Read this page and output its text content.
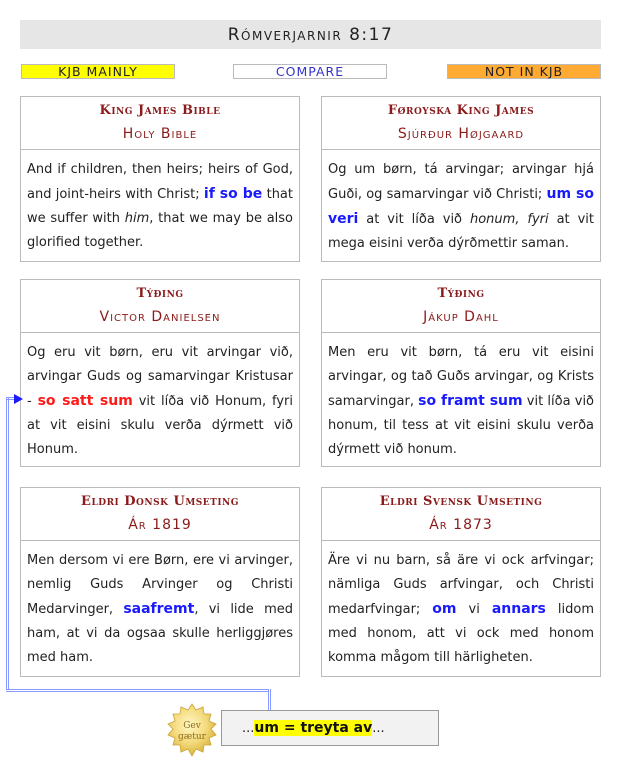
Rómverjarnir 8:17
KJB MAINLY	COMPARE	NOT IN KJB
King James Bible
Holy Bible
And if children, then heirs; heirs of God, and joint-heirs with Christ; if so be that we suffer with him, that we may be also glorified together.
Føroyska King James
Sjúrður Højgaard
Og um børn, tá arvingar; arvingar hjá Guði, og samarvingar við Christi; um so veri at vit líða við honum, fyri at vit mega eisini verða dýrðmettir saman.
Týðing
Victor Danielsen
Og eru vit børn, eru vit arvingar við, arvingar Guds og samarvingar Kristusar - so satt sum vit líða við Honum, fyri at vit eisini skulu verða dýrmett við Honum.
Týðing
Jákup Dahl
Men eru vit børn, tá eru vit eisini arvingar, og tað Guðs arvingar, og Krists samarvingar, so framt sum vit líða við honum, til tess at vit eisini skulu verða dýrmett við honum.
Eldri Donsk Umseting
Ár 1819
Men dersom vi ere Børn, ere vi arvinger, nemlig Guds Arvinger og Christi Medarvinger, saafremt, vi lide med ham, at vi da ogsaa skulle herliggjøres med ham.
Eldri Svensk Umseting
Ár 1873
Äre vi nu barn, så äre vi ock arfvingar; nämliga Guds arfvingar, och Christi medarfvingar; om vi annars lidom med honom, att vi ock med honom komma mågom till härligheten.
Gev
gætur
... um = treyta av ...
